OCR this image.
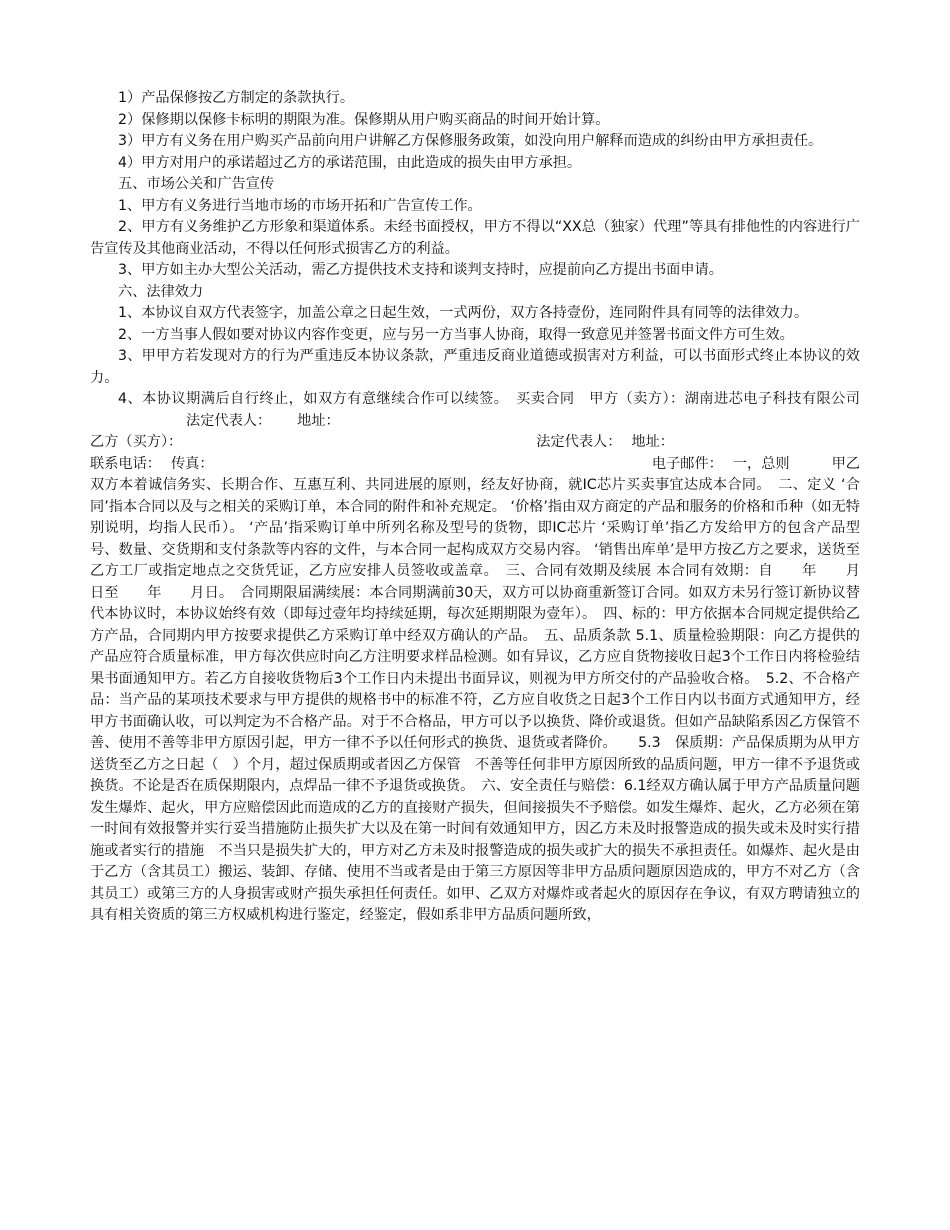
1）产品保修按乙方制定的条款执行。

2）保修期以保修卡标明的期限为准。保修期从用户购买商品的时间开始计算。

3）甲方有义务在用户购买产品前向用户讲解乙方保修服务政策，如没向用户解释而造成的纠纷由甲方承担责任。

4）甲方对用户的承诺超过乙方的承诺范围，由此造成的损失由甲方承担。

五、市场公关和广告宣传

1、甲方有义务进行当地市场的市场开拓和广告宣传工作。

2、甲方有义务维护乙方形象和渠道体系。未经书面授权，甲方不得以“XX总（独家）代理”等具有排他性的内容进行广告宣传及其他商业活动，不得以任何形式损害乙方的利益。

3、甲方如主办大型公关活动，需乙方提供技术支持和谈判支持时，应提前向乙方提出书面申请。

六、法律效力

1、本协议自双方代表签字，加盖公章之日起生效，一式两份，双方各持壹份，连同附件具有同等的法律效力。

2、一方当事人假如要对协议内容作变更，应与另一方当事人协商，取得一致意见并签署书面文件方可生效。

3、甲甲方若发现对方的行为严重违反本协议条款，严重违反商业道德或损害对方利益，可以书面形式终止本协议的效力。

4、本协议期满后自行终止，如双方有意继续合作可以续签。　买卖合同　甲方（卖方）：湖南进芯电子科技有限公司法定代表人： 地址：

乙方（买方）：	法定代表人： 地址：
联系电话： 传真：	电子邮件： 一，总则	甲乙

双方本着诚信务实、长期合作、互惠互利、共同进展的原则，经友好协商，就IC芯片买卖事宜达成本合同。　二、定义 ‘合同’指本合同以及与之相关的采购订单，本合同的附件和补充规定。 ‘价格’指由双方商定的产品和服务的价格和币种（如无特别说明，均指人民币）。 ‘产品’指采购订单中所列名称及型号的货物，即IC芯片 ‘采购订单’指乙方发给甲方的包含产品型号、数量、交货期和支付条款等内容的文件，与本合同一起构成双方交易内容。 ‘销售出库单’是甲方按乙方之要求，送货至乙方工厂或指定地点之交货凭证，乙方应安排人员签收或盖章。　三、合同有效期及续展 本合同有效期：自　　年　　月　　日至　　年　　月日。　合同期限届满续展：本合同期满前30天，双方可以协商重新签订合同。如双方未另行签订新协议替代本协议时，本协议始终有效（即每过壹年均持续延期，每次延期期限为壹年）。　四、标的：甲方依据本合同规定提供给乙方产品，合同期内甲方按要求提供乙方采购订单中经双方确认的产品。　五、品质条款 5.1、质量检验期限：向乙方提供的产品应符合质量标准，甲方每次供应时向乙方注明要求样品检测。如有异议，乙方应自货物接收日起3个工作日内将检验结果书面通知甲方。若乙方自接收货物后3个工作日内未提出书面异议，则视为甲方所交付的产品验收合格。　5.2、不合格产品：当产品的某项技术要求与甲方提供的规格书中的标准不符，乙方应自收货之日起3个工作日内以书面方式通知甲方，经甲方书面确认收，可以判定为不合格产品。对于不合格品，甲方可以予以换货、降价或退货。但如产品缺陷系因乙方保管不善、使用不善等非甲方原因引起，甲方一律不予以任何形式的换货、退货或者降价。　　5.3　保质期：产品保质期为从甲方送货至乙方之日起（　）个月，超过保质期或者因乙方保管　不善等任何非甲方原因所致的品质问题，甲方一律不予退货或换货。不论是否在质保期限内，点焊品一律不予退货或换货。　六、安全责任与赔偿：6.1经双方确认属于甲方产品质量问题发生爆炸、起火，甲方应赔偿因此而造成的乙方的直接财产损失，但间接损失不予赔偿。如发生爆炸、起火，乙方必须在第一时间有效报警并实行妥当措施防止损失扩大以及在第一时间有效通知甲方，因乙方未及时报警造成的损失或未及时实行措施或者实行的措施　不当只是损失扩大的，甲方对乙方未及时报警造成的损失或扩大的损失不承担责任。如爆炸、起火是由于乙方（含其员工）搬运、装卸、存储、使用不当或者是由于第三方原因等非甲方品质问题原因造成的，甲方不对乙方（含其员工）或第三方的人身损害或财产损失承担任何责任。如甲、乙双方对爆炸或者起火的原因存在争议，有双方聘请独立的具有相关资质的第三方权威机构进行鉴定，经鉴定，假如系非甲方品质问题所致，
